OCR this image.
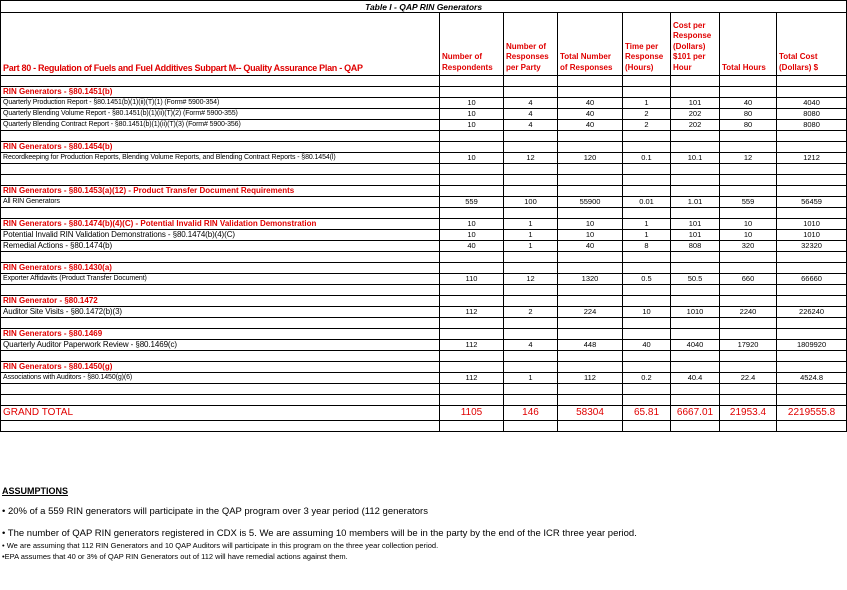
Table I - QAP RIN Generators							
Part 80 - Regulation of Fuels and Fuel Additives Subpart M-- Quality Assurance Plan - QAP	Number of Respondents	Number of Responses per Party	Total Number of Responses	Time per Response (Hours)	Cost per Response (Dollars) $101 per Hour	Total Hours	Total Cost (Dollars) $

RIN Generators - §80.1451(b)							
Quarterly Production Report - §80.1451(b)(1)(ii)(T)(1) (Form# 5900-354)	10	4	40	1	101	40	4040
Quarterly Blending Volume Report - §80.1451(b)(1)(ii)(T)(2) (Form# 5900-355)	10	4	40	2	202	80	8080
Quarterly Blending Contract Report - §80.1451(b)(1)(ii)(T)(3) (Form# 5900-356)	10	4	40	2	202	80	8080

RIN Generators - §80.1454(b)							
Recordkeeping for Production Reports, Blending Volume Reports, and Blending Contract Reports - §80.1454(l)	10	12	120	0.1	10.1	12	1212

RIN Generators - §80.1453(a)(12) - Product Transfer Document Requirements							
All RIN Generators	559	100	55900	0.01	1.01	559	56459

RIN Generators - §80.1474(b)(4)(C) - Potential Invalid RIN Validation Demonstration	10	1	10	1	101	10	1010
Potential Invalid RIN Validation Demonstrations - §80.1474(b)(4)(C)	10	1	10	1	101	10	1010
Remedial Actions - §80.1474(b)	40	1	40	8	808	320	32320

RIN Generators - §80.1430(a)							
Exporter Affidavits (Product Transfer Document)	110	12	1320	0.5	50.5	660	66660

RIN Generator - §80.1472							
Auditor Site Visits - §80.1472(b)(3)	112	2	224	10	1010	2240	226240

RIN Generators - §80.1469							
Quarterly Auditor Paperwork Review - §80.1469(c)	112	4	448	40	4040	17920	1809920

RIN Generators - §80.1450(g)							
Associations with Auditors - §80.1450(g)(6)	112	1	112	0.2	40.4	22.4	4524.8

GRAND TOTAL	1105	146	58304	65.81	6667.01	21953.4	2219555.8

ASSUMPTIONS
• 20% of a 559 RIN generators will participate in the QAP program over 3 year period (112 generators
• The number of QAP RIN generators registered in CDX is 5. We are assuming 10 members will be in the party by the end of the ICR three year period.
• We are assuming that 112 RIN Generators and 10 QAP Auditors will participate in this program on the three year collection period.
•EPA assumes that 40 or 3% of QAP RIN Generators out of 112 will have remedial actions against them.
